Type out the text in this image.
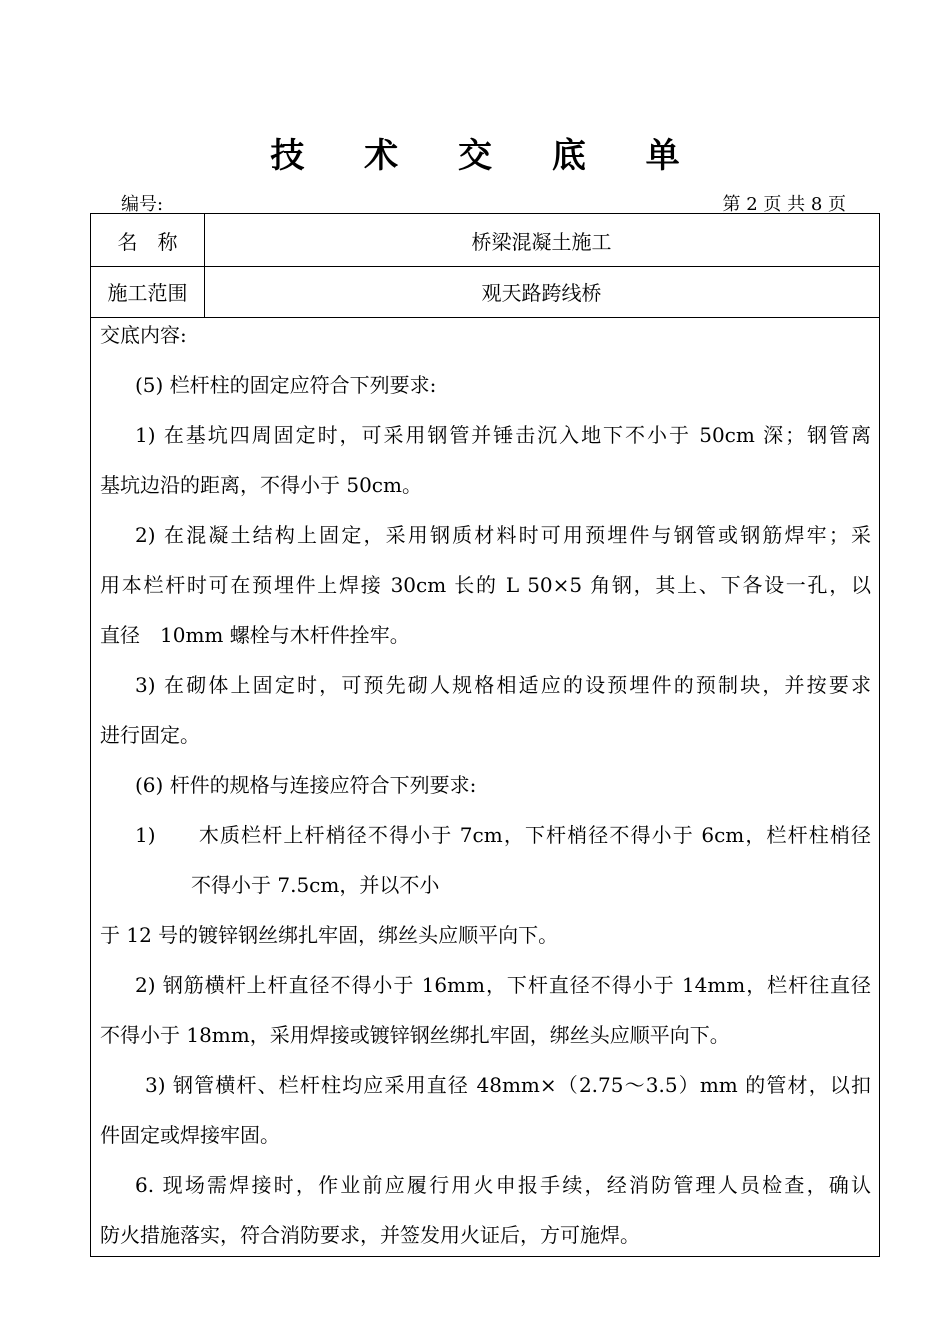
技 术 交 底 单
编号:	第 2 页 共 8 页
名　称	桥梁混凝土施工
施工范围	观天路跨线桥
交底内容:
(5) 栏杆柱的固定应符合下列要求:
1) 在基坑四周固定时，可采用钢管并锤击沉入地下不小于 50cm 深；钢管离
基坑边沿的距离，不得小于 50cm。
2) 在混凝土结构上固定，采用钢质材料时可用预埋件与钢管或钢筋焊牢；采
用本栏杆时可在预埋件上焊接 30cm 长的 L 50×5 角钢，其上、下各设一孔，以
直径　10mm 螺栓与木杆件拴牢。
3) 在砌体上固定时，可预先砌人规格相适应的设预埋件的预制块，并按要求
进行固定。
(6) 杆件的规格与连接应符合下列要求:
1)　　木质栏杆上杆梢径不得小于 7cm，下杆梢径不得小于 6cm，栏杆柱梢径
不得小于 7.5cm，并以不小
于 12 号的镀锌钢丝绑扎牢固，绑丝头应顺平向下。
2) 钢筋横杆上杆直径不得小于 16mm，下杆直径不得小于 14mm，栏杆往直径
不得小于 18mm，采用焊接或镀锌钢丝绑扎牢固，绑丝头应顺平向下。
3) 钢管横杆、栏杆柱均应采用直径 48mm×（2.75～3.5）mm 的管材，以扣
件固定或焊接牢固。
6. 现场需焊接时，作业前应履行用火申报手续，经消防管理人员检查，确认
防火措施落实，符合消防要求，并签发用火证后，方可施焊。
